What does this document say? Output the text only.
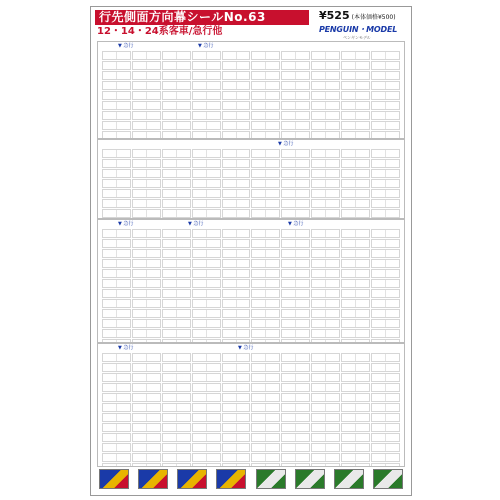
行先側面方向幕シールNo.63
12・14・24系客車/急行他
¥525 (本体価格¥500)
PENGUIN・MODEL
ペンギンモデル
▼ 急行	▼ 急行
▼ 急行
▼ 急行	▼ 急行	▼ 急行
▼ 急行	▼ 急行
